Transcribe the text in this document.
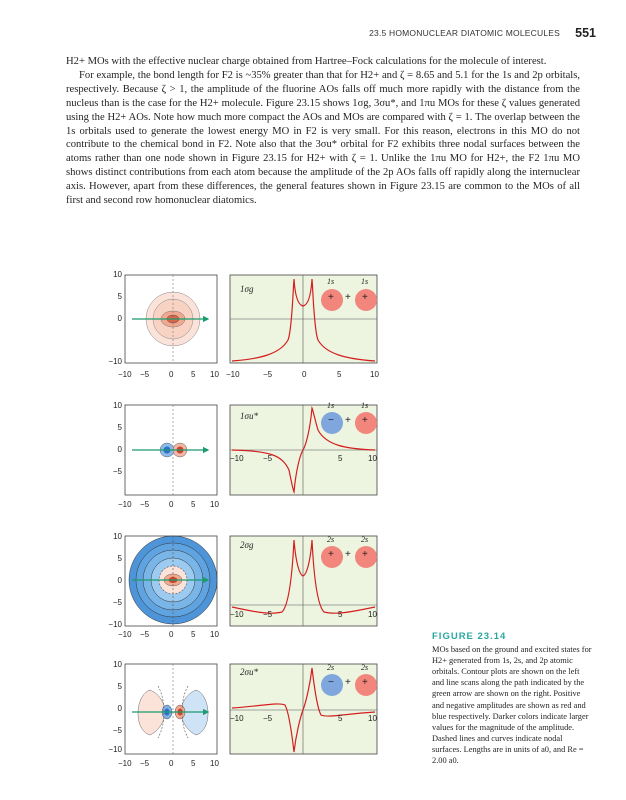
23.5 HOMONUCLEAR DIATOMIC MOLECULES 551

H2+ MOs with the effective nuclear charge obtained from Hartree–Fock calculations for the molecule of interest.

For example, the bond length for F2 is ~35% greater than that for H2+ and ζ = 8.65 and 5.1 for the 1s and 2p orbitals, respectively. Because ζ > 1, the amplitude of the fluorine AOs falls off much more rapidly with the distance from the nucleus than is the case for the H2+ molecule. Figure 23.15 shows 1σg, 3σu*, and 1πu MOs for these ζ values generated using the H2+ AOs. Note how much more compact the AOs and MOs are compared with ζ = 1. The overlap between the 1s orbitals used to generate the lowest energy MO in F2 is very small. For this reason, electrons in this MO do not contribute to the chemical bond in F2. Note also that the 3σu* orbital for F2 exhibits three nodal surfaces between the atoms rather than one node shown in Figure 23.15 for H2+ with ζ = 1. Unlike the 1πu MO for H2+, the F2 1πu MO shows distinct contributions from each atom because the amplitude of the 2p AOs falls off rapidly along the internuclear axis. However, apart from these differences, the general features shown in Figure 23.15 are common to the MOs of all first and second row homonuclear diatomics.

1σg
1s	1s
+ + +
1σu*
1s	1s
− + +
2σg
2s	2s
+ + +
2σu*	2s	2s
− + +
10
5
0
−10
−10 −5 0 5 10 −10	−5	0	5	10
10
5
0
−5
−10 −5 0 5 10
−10 −5	5	10
10
5
0
−5
−10
−10 −5 0 5 10
−10 −5	5	10
10
5
0
−5
−10
−10 −5 0 5 10
−10 −5	5	10
FIGURE 23.14
MOs based on the ground and excited states for H2+ generated from 1s, 2s, and 2p atomic orbitals. Contour plots are shown on the left and line scans along the path indicated by the green arrow are shown on the right. Positive and negative amplitudes are shown as red and blue respectively. Darker colors indicate larger values for the magnitude of the amplitude. Dashed lines and curves indicate nodal surfaces. Lengths are in units of a0, and Re = 2.00 a0.
